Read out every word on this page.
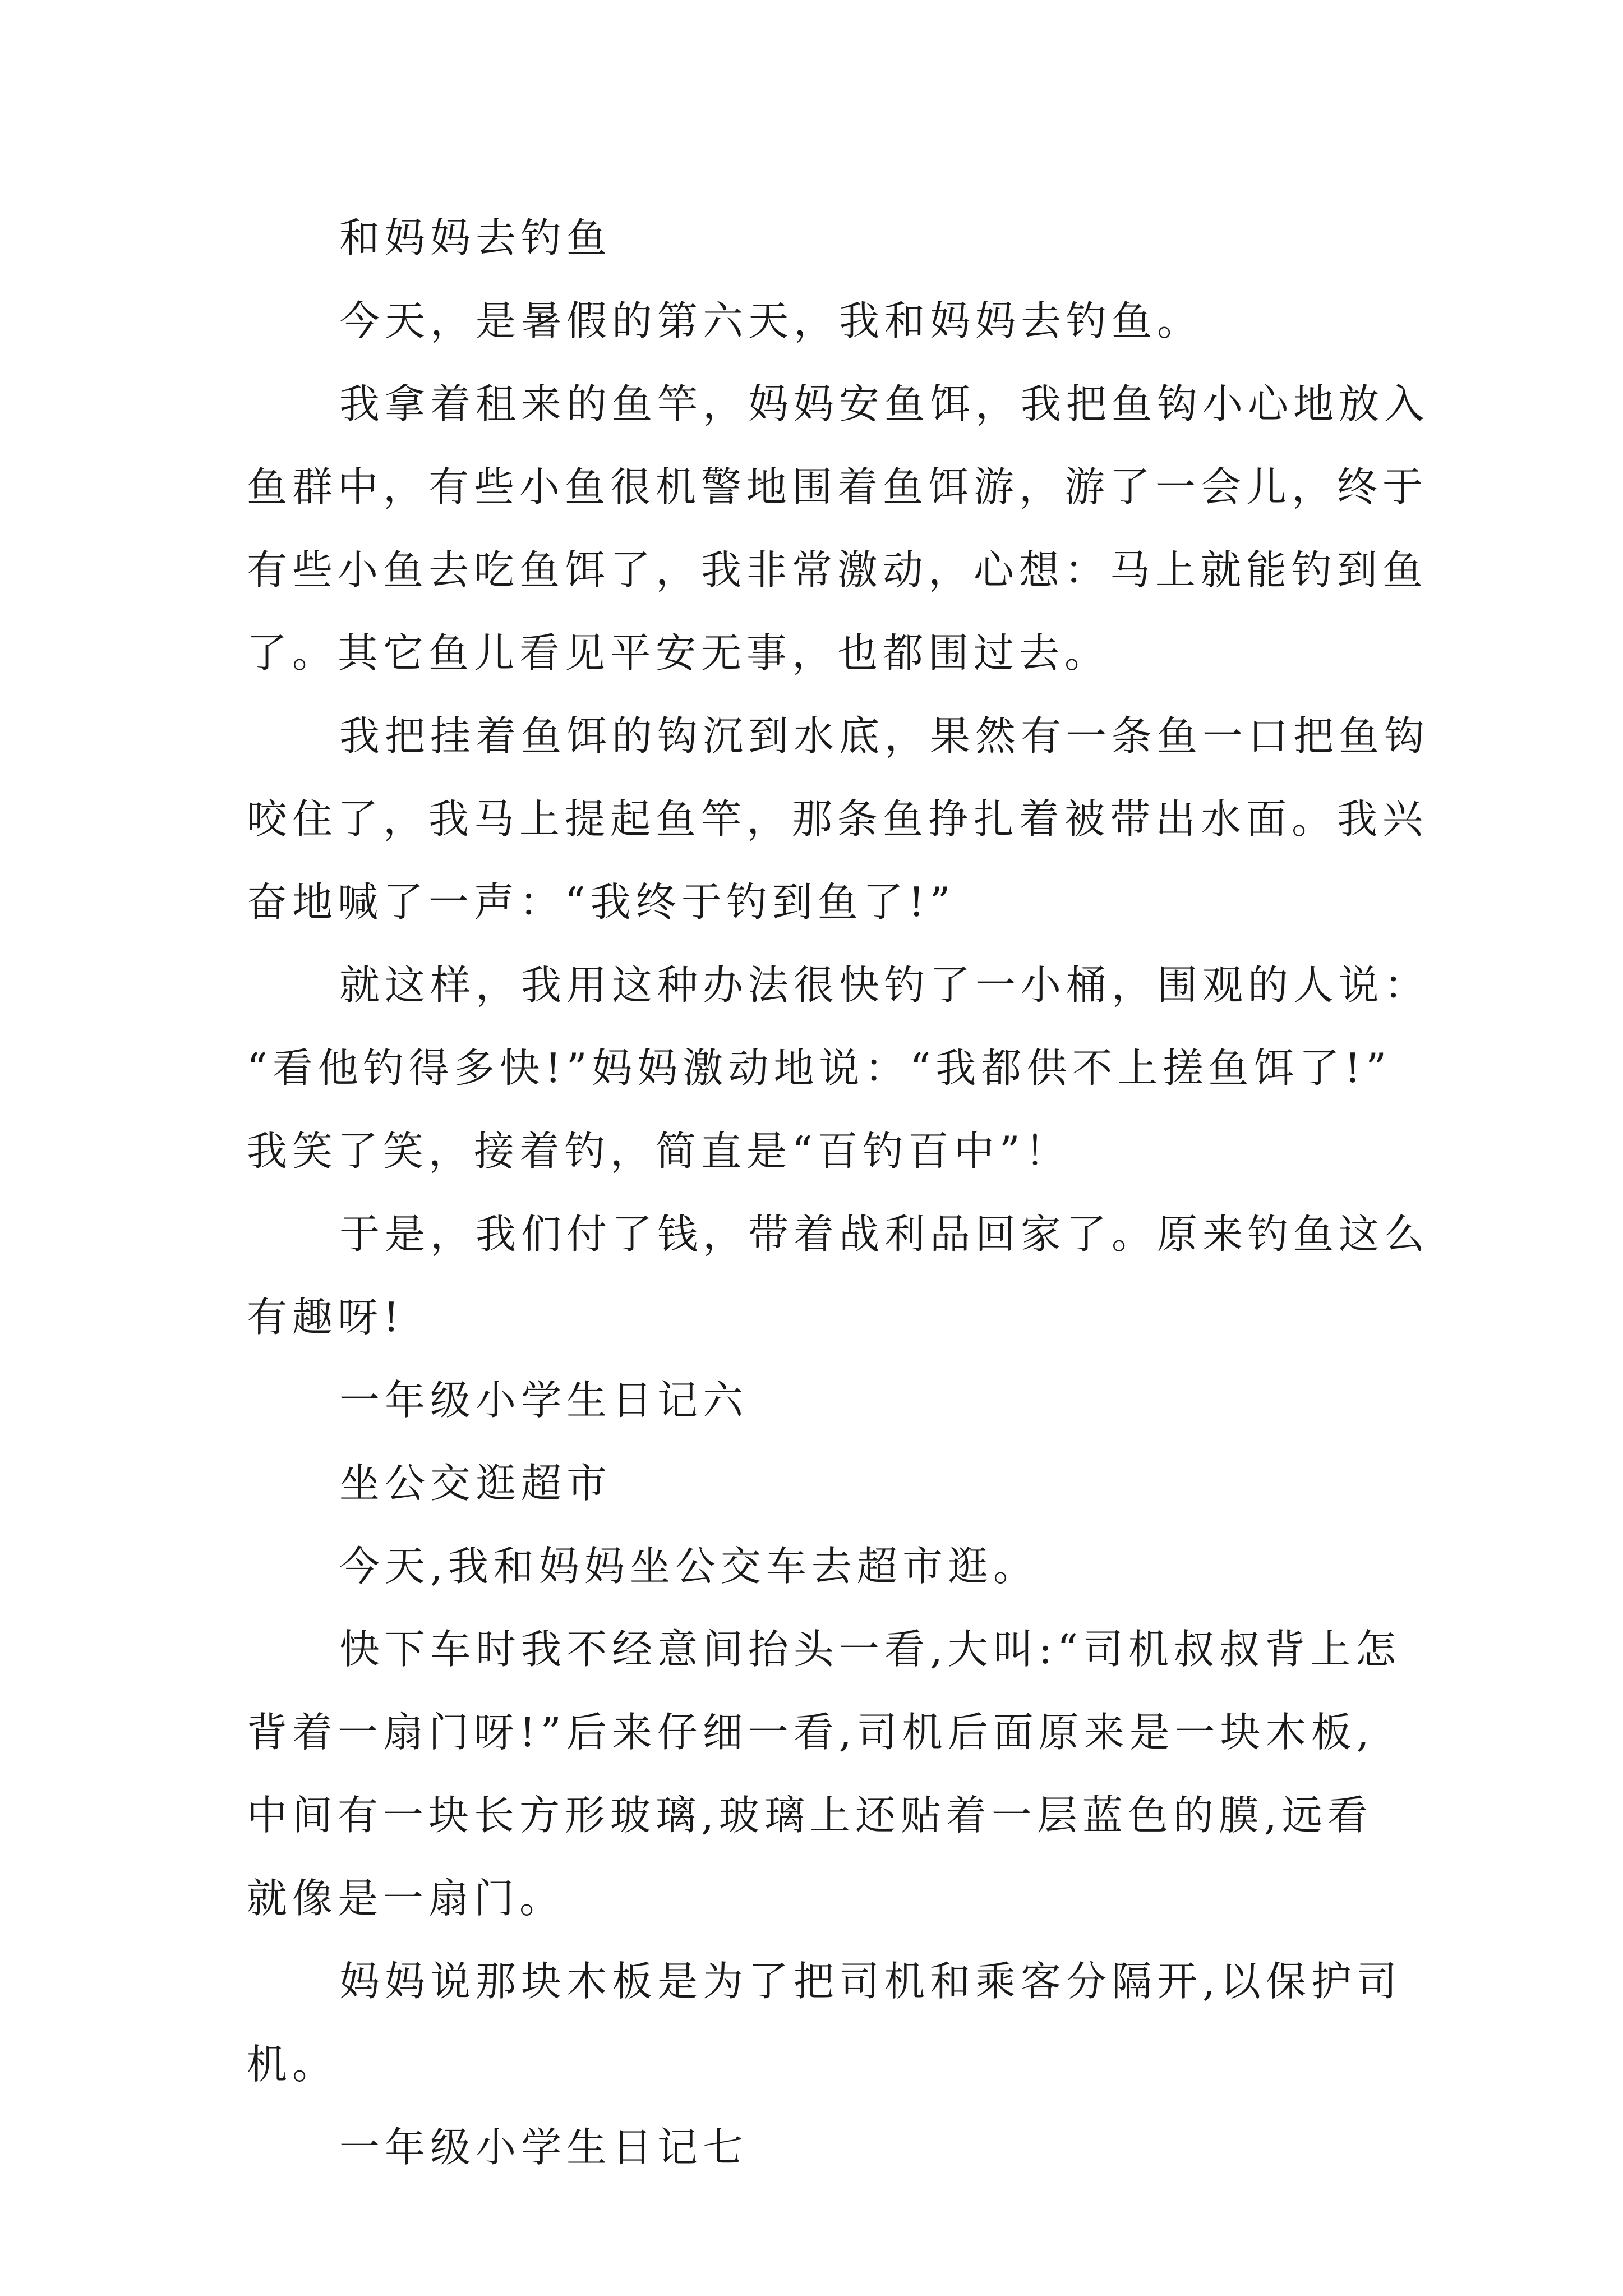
和妈妈去钓鱼
今天，是暑假的第六天，我和妈妈去钓鱼。
我拿着租来的鱼竿，妈妈安鱼饵，我把鱼钩小心地放入
鱼群中，有些小鱼很机警地围着鱼饵游，游了一会儿，终于
有些小鱼去吃鱼饵了，我非常激动，心想：马上就能钓到鱼
了。其它鱼儿看见平安无事，也都围过去。
我把挂着鱼饵的钩沉到水底，果然有一条鱼一口把鱼钩
咬住了，我马上提起鱼竿，那条鱼挣扎着被带出水面。我兴
奋地喊了一声：“我终于钓到鱼了!”
就这样，我用这种办法很快钓了一小桶，围观的人说：
“看他钓得多快!”妈妈激动地说：“我都供不上搓鱼饵了!”
我笑了笑，接着钓，简直是“百钓百中”！
于是，我们付了钱，带着战利品回家了。原来钓鱼这么
有趣呀!
一年级小学生日记六
坐公交逛超市
今天,我和妈妈坐公交车去超市逛。
快下车时我不经意间抬头一看,大叫:“司机叔叔背上怎
背着一扇门呀!”后来仔细一看,司机后面原来是一块木板,
中间有一块长方形玻璃,玻璃上还贴着一层蓝色的膜,远看
就像是一扇门。
妈妈说那块木板是为了把司机和乘客分隔开,以保护司
机。
一年级小学生日记七
